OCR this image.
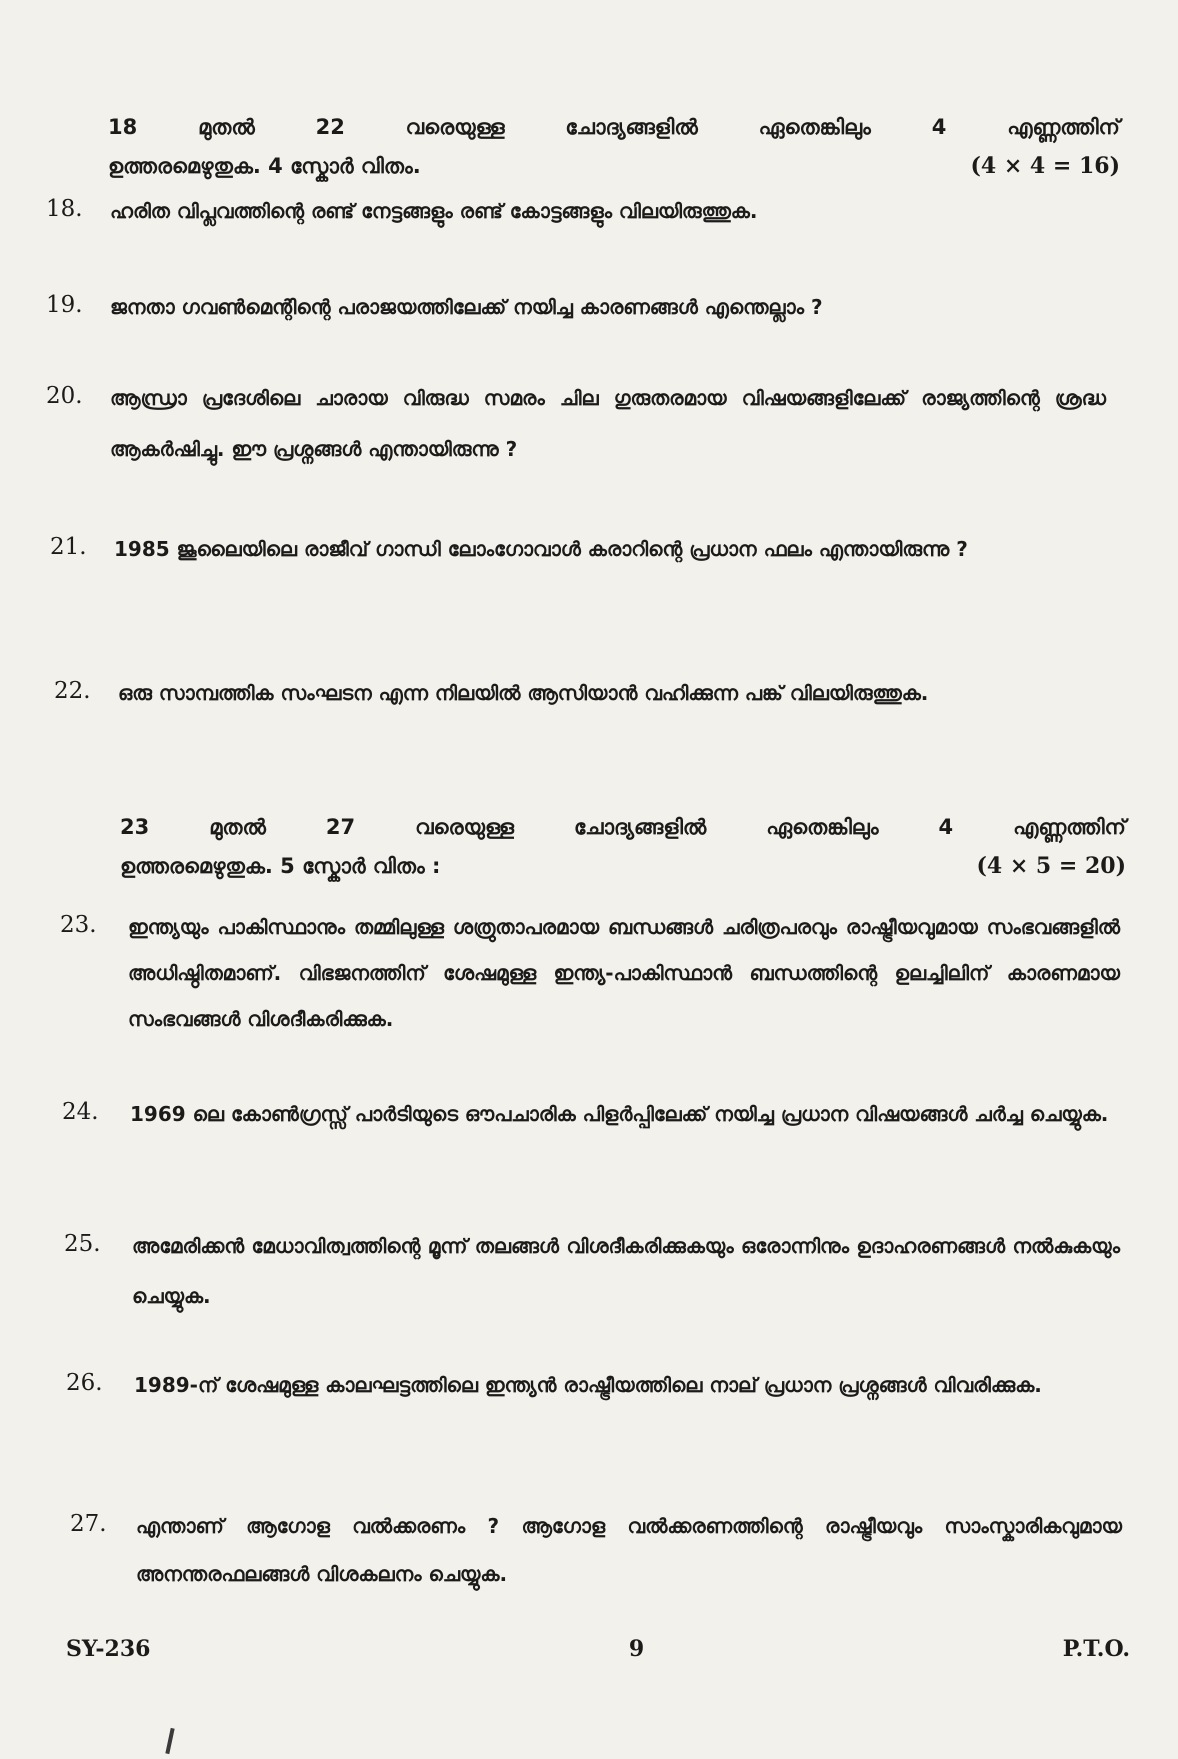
18	മുതൽ	22	വരെയുള്ള	ചോദ്യങ്ങളിൽ	ഏതെങ്കിലും	4	എണ്ണത്തിന്
ഉത്തരമെഴുതുക. 4 സ്കോർ വിതം.	(4 × 4 = 16)
18.	ഹരിത വിപ്ലവത്തിന്റെ രണ്ട് നേട്ടങ്ങളും രണ്ട് കോട്ടങ്ങളും വിലയിരുത്തുക.
19.	ജനതാ ഗവൺമെന്റിന്റെ പരാജയത്തിലേക്ക് നയിച്ച കാരണങ്ങൾ എന്തെല്ലാം ?
20.	ആന്ധ്രാ പ്രദേശിലെ ചാരായ വിരുദ്ധ സമരം ചില ഗുരുതരമായ വിഷയങ്ങളിലേക്ക് രാജ്യത്തിന്റെ ശ്രദ്ധ ആകർഷിച്ചു. ഈ പ്രശ്നങ്ങൾ എന്തായിരുന്നു ?
21.	1985 ജൂലൈയിലെ രാജീവ് ഗാന്ധി ലോംഗോവാൾ കരാറിന്റെ പ്രധാന ഫലം എന്തായിരുന്നു ?
22.	ഒരു സാമ്പത്തിക സംഘടന എന്ന നിലയിൽ ആസിയാൻ വഹിക്കുന്ന പങ്ക് വിലയിരുത്തുക.
23	മുതൽ	27	വരെയുള്ള	ചോദ്യങ്ങളിൽ	ഏതെങ്കിലും	4	എണ്ണത്തിന്
ഉത്തരമെഴുതുക. 5 സ്കോർ വിതം :	(4 × 5 = 20)
23.	ഇന്ത്യയും പാകിസ്ഥാനും തമ്മിലുള്ള ശത്രുതാപരമായ ബന്ധങ്ങൾ ചരിത്രപരവും രാഷ്ട്രീയവുമായ സംഭവങ്ങളിൽ അധിഷ്ഠിതമാണ്. വിഭജനത്തിന് ശേഷമുള്ള ഇന്ത്യ-പാകിസ്ഥാൻ ബന്ധത്തിന്റെ ഉലച്ചിലിന് കാരണമായ സംഭവങ്ങൾ വിശദീകരിക്കുക.
24.	1969 ലെ കോൺഗ്രസ്സ് പാർടിയുടെ ഔപചാരിക പിളർപ്പിലേക്ക് നയിച്ച പ്രധാന വിഷയങ്ങൾ ചർച്ച ചെയ്യുക.
25.	അമേരിക്കൻ മേധാവിത്വത്തിന്റെ മൂന്ന് തലങ്ങൾ വിശദീകരിക്കുകയും ഒരോന്നിനും ഉദാഹരണങ്ങൾ നൽകുകയും ചെയ്യുക.
26.	1989-ന് ശേഷമുള്ള കാലഘട്ടത്തിലെ ഇന്ത്യൻ രാഷ്ട്രീയത്തിലെ നാല് പ്രധാന പ്രശ്നങ്ങൾ വിവരിക്കുക.
27.	എന്താണ് ആഗോള വൽക്കരണം ? ആഗോള വൽക്കരണത്തിന്റെ രാഷ്ട്രീയവും സാംസ്കാരികവുമായ അനന്തരഫലങ്ങൾ വിശകലനം ചെയ്യുക.
SY-236	9	P.T.O.
